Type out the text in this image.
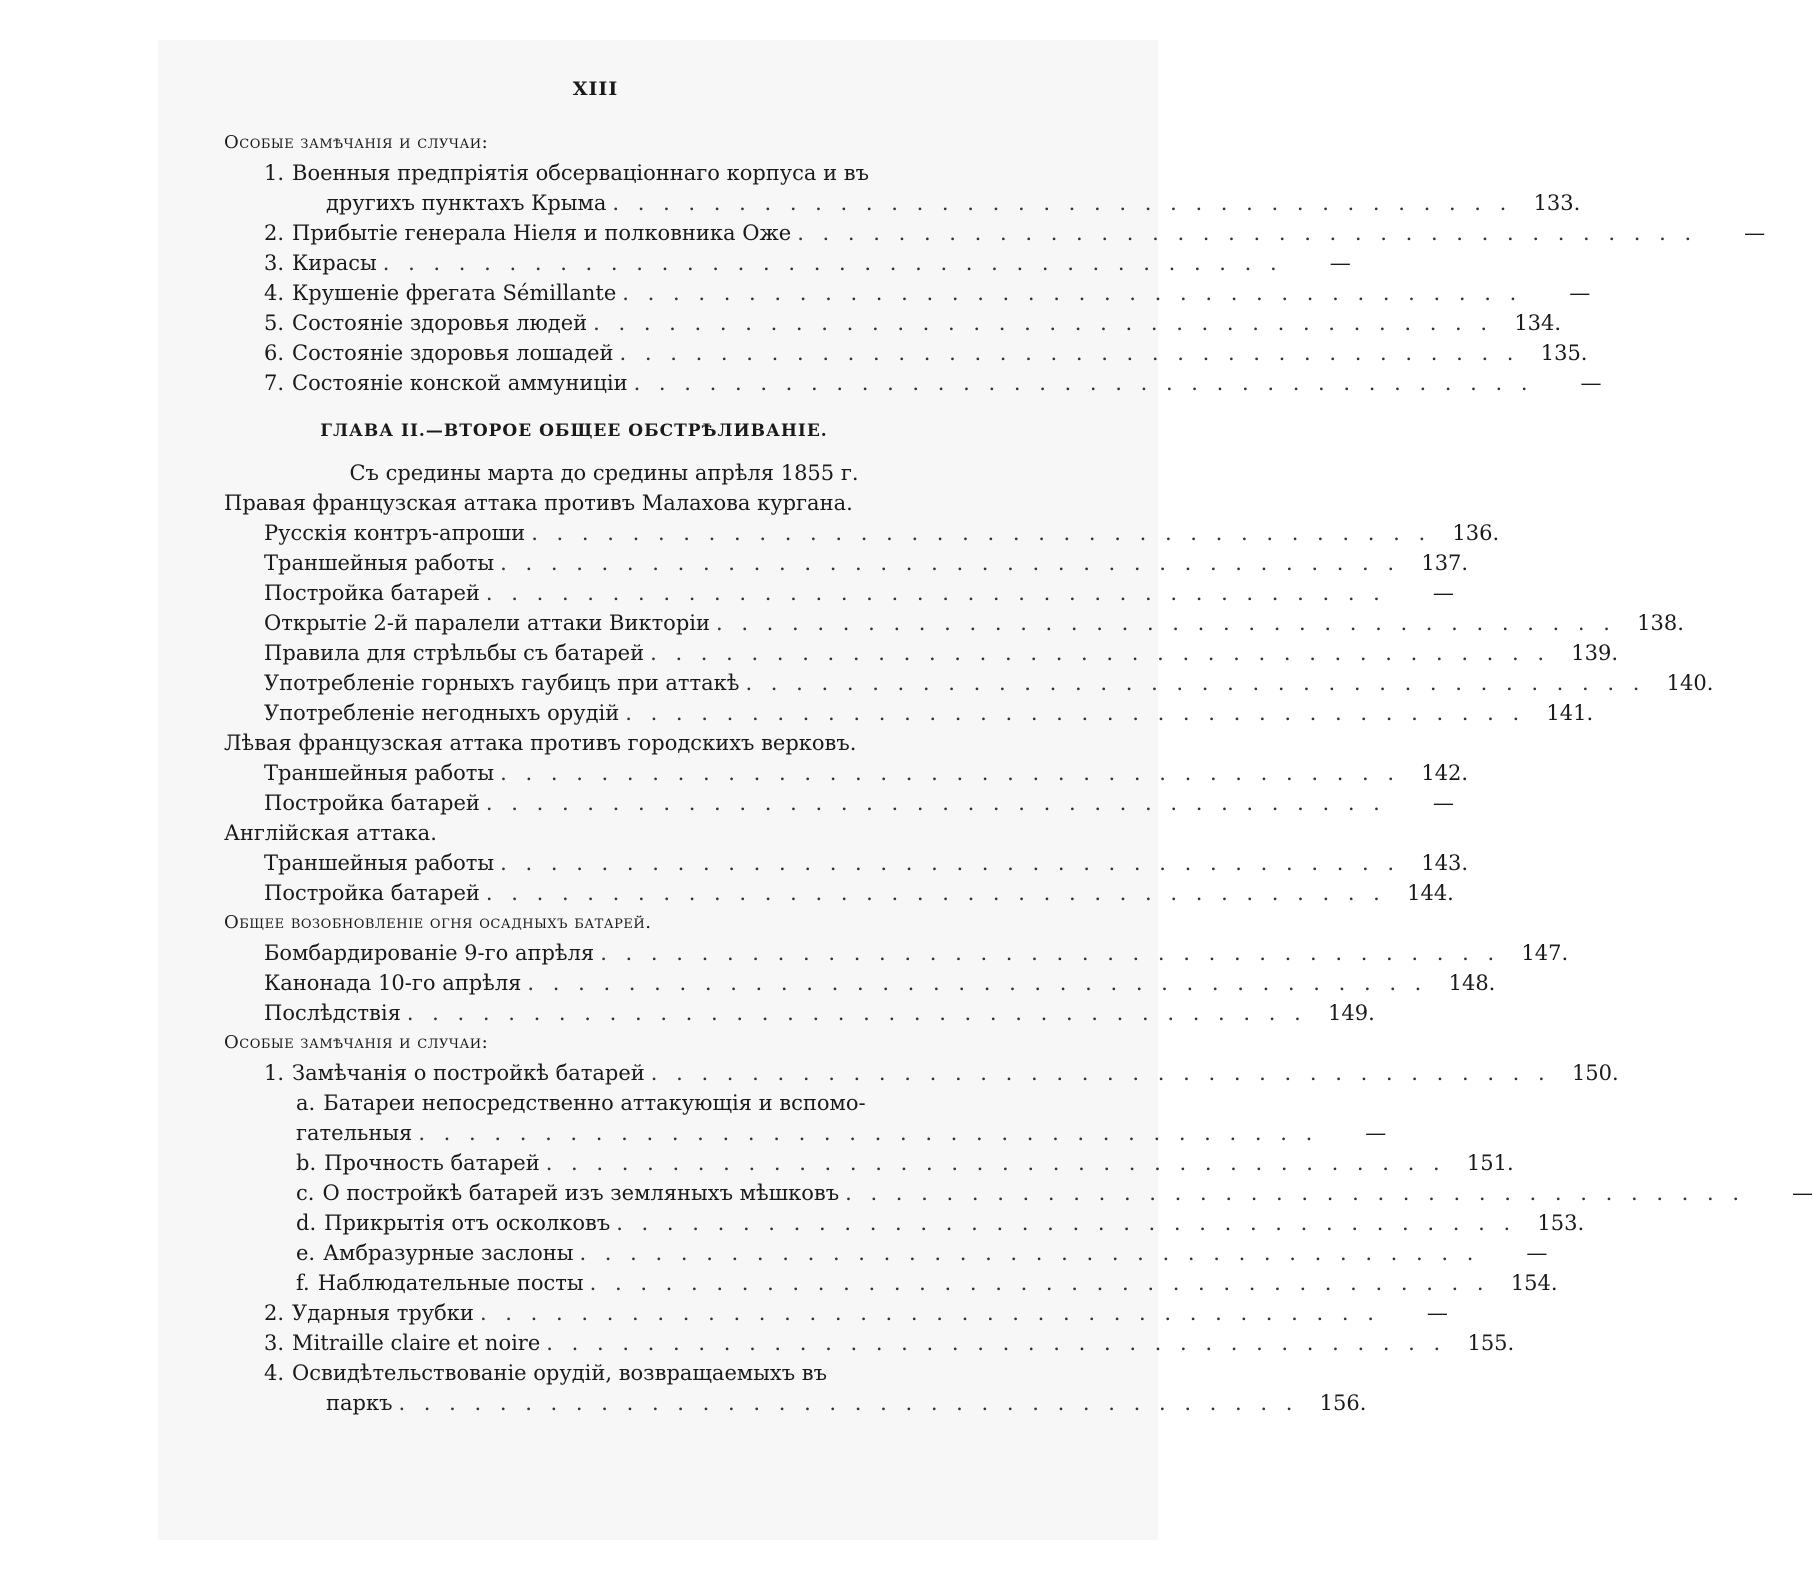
XIII
Особые замѣчанія и случаи:
1. Военныя предпріятія обсерваціоннаго корпуса и въ
другихъ пунктахъ Крыма . . .	133.
2. Прибытіе генерала Ніеля и полковника Оже . . .	—
3. Кирасы . . .	—
4. Крушеніе фрегата Sémillante . . .	—
5. Состояніе здоровья людей . . .	134.
6. Состояніе здоровья лошадей . . .	135.
7. Состояніе конской аммуниціи . . .	—
ГЛАВА II.—ВТОРОЕ ОБЩЕЕ ОБСТРѢЛИВАНІЕ.
Съ средины марта до средины апрѣля 1855 г.
Правая французская аттака противъ Малахова кургана.
Русскія контръ-апроши . . .	136.
Траншейныя работы . . .	137.
Постройка батарей . . .	—
Открытіе 2-й паралели аттаки Викторіи . . .	138.
Правила для стрѣльбы съ батарей . . .	139.
Употребленіе горныхъ гаубицъ при аттакѣ . . .	140.
Употребленіе негодныхъ орудій . . .	141.
Лѣвая французская аттака противъ городскихъ верковъ.
Траншейныя работы . . .	142.
Постройка батарей . . .	—
Англійская аттака.
Траншейныя работы . . .	143.
Постройка батарей . . .	144.
Общее возобновленіе огня осадныхъ батарей.
Бомбардированіе 9-го апрѣля . . .	147.
Канонада 10-го апрѣля . . .	148.
Послѣдствія . . .	149.
Особые замѣчанія и случаи:
1. Замѣчанія о постройкѣ батарей . . .	150.
a. Батареи непосредственно аттакующія и вспомо-
гательныя . . .	—
b. Прочность батарей . . .	151.
c. О постройкѣ батарей изъ земляныхъ мѣшковъ . . .	—
d. Прикрытія отъ осколковъ . . .	153.
e. Амбразурные заслоны . . .	—
f. Наблюдательные посты . . .	154.
2. Ударныя трубки . . .	—
3. Mitraille claire et noire . . .	155.
4. Освидѣтельствованіе орудій, возвращаемыхъ въ
паркъ . . .	156.
